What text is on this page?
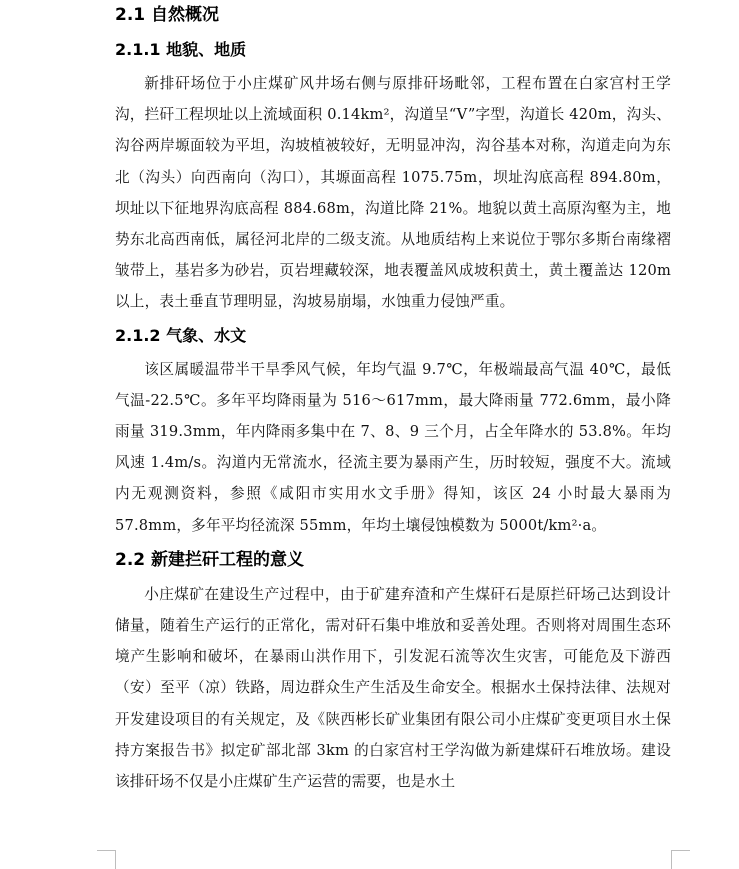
2.1 自然概况
2.1.1 地貌、地质

新排矸场位于小庄煤矿风井场右侧与原排矸场毗邻，工程布置在白家宫村王学沟，拦矸工程坝址以上流域面积 0.14km²，沟道呈“V”字型，沟道长 420m，沟头、沟谷两岸塬面较为平坦，沟坡植被较好，无明显冲沟，沟谷基本对称，沟道走向为东北（沟头）向西南向（沟口），其塬面高程 1075.75m，坝址沟底高程 894.80m，坝址以下征地界沟底高程 884.68m，沟道比降 21%。地貌以黄土高原沟壑为主，地势东北高西南低，属径河北岸的二级支流。从地质结构上来说位于鄂尔多斯台南缘褶皱带上，基岩多为砂岩，页岩埋藏较深，地表覆盖风成坡积黄土，黄土覆盖达 120m 以上，表土垂直节理明显，沟坡易崩塌，水蚀重力侵蚀严重。

2.1.2 气象、水文

该区属暖温带半干旱季风气候，年均气温 9.7℃，年极端最高气温 40℃，最低气温-22.5℃。多年平均降雨量为 516～617mm，最大降雨量 772.6mm，最小降雨量 319.3mm，年内降雨多集中在 7、8、9 三个月，占全年降水的 53.8%。年均风速 1.4m/s。沟道内无常流水，径流主要为暴雨产生，历时较短，强度不大。流域内无观测资料，参照《咸阳市实用水文手册》得知，该区 24 小时最大暴雨为 57.8mm，多年平均径流深 55mm，年均土壤侵蚀模数为 5000t/km²·a。

2.2 新建拦矸工程的意义

小庄煤矿在建设生产过程中，由于矿建弃渣和产生煤矸石是原拦矸场己达到设计储量，随着生产运行的正常化，需对矸石集中堆放和妥善处理。否则将对周围生态环境产生影响和破坏，在暴雨山洪作用下，引发泥石流等次生灾害，可能危及下游西（安）至平（凉）铁路，周边群众生产生活及生命安全。根据水土保持法律、法规对开发建设项目的有关规定，及《陕西彬长矿业集团有限公司小庄煤矿变更项目水土保持方案报告书》拟定矿部北部 3km 的白家宫村王学沟做为新建煤矸石堆放场。建设该排矸场不仅是小庄煤矿生产运营的需要，也是水土
